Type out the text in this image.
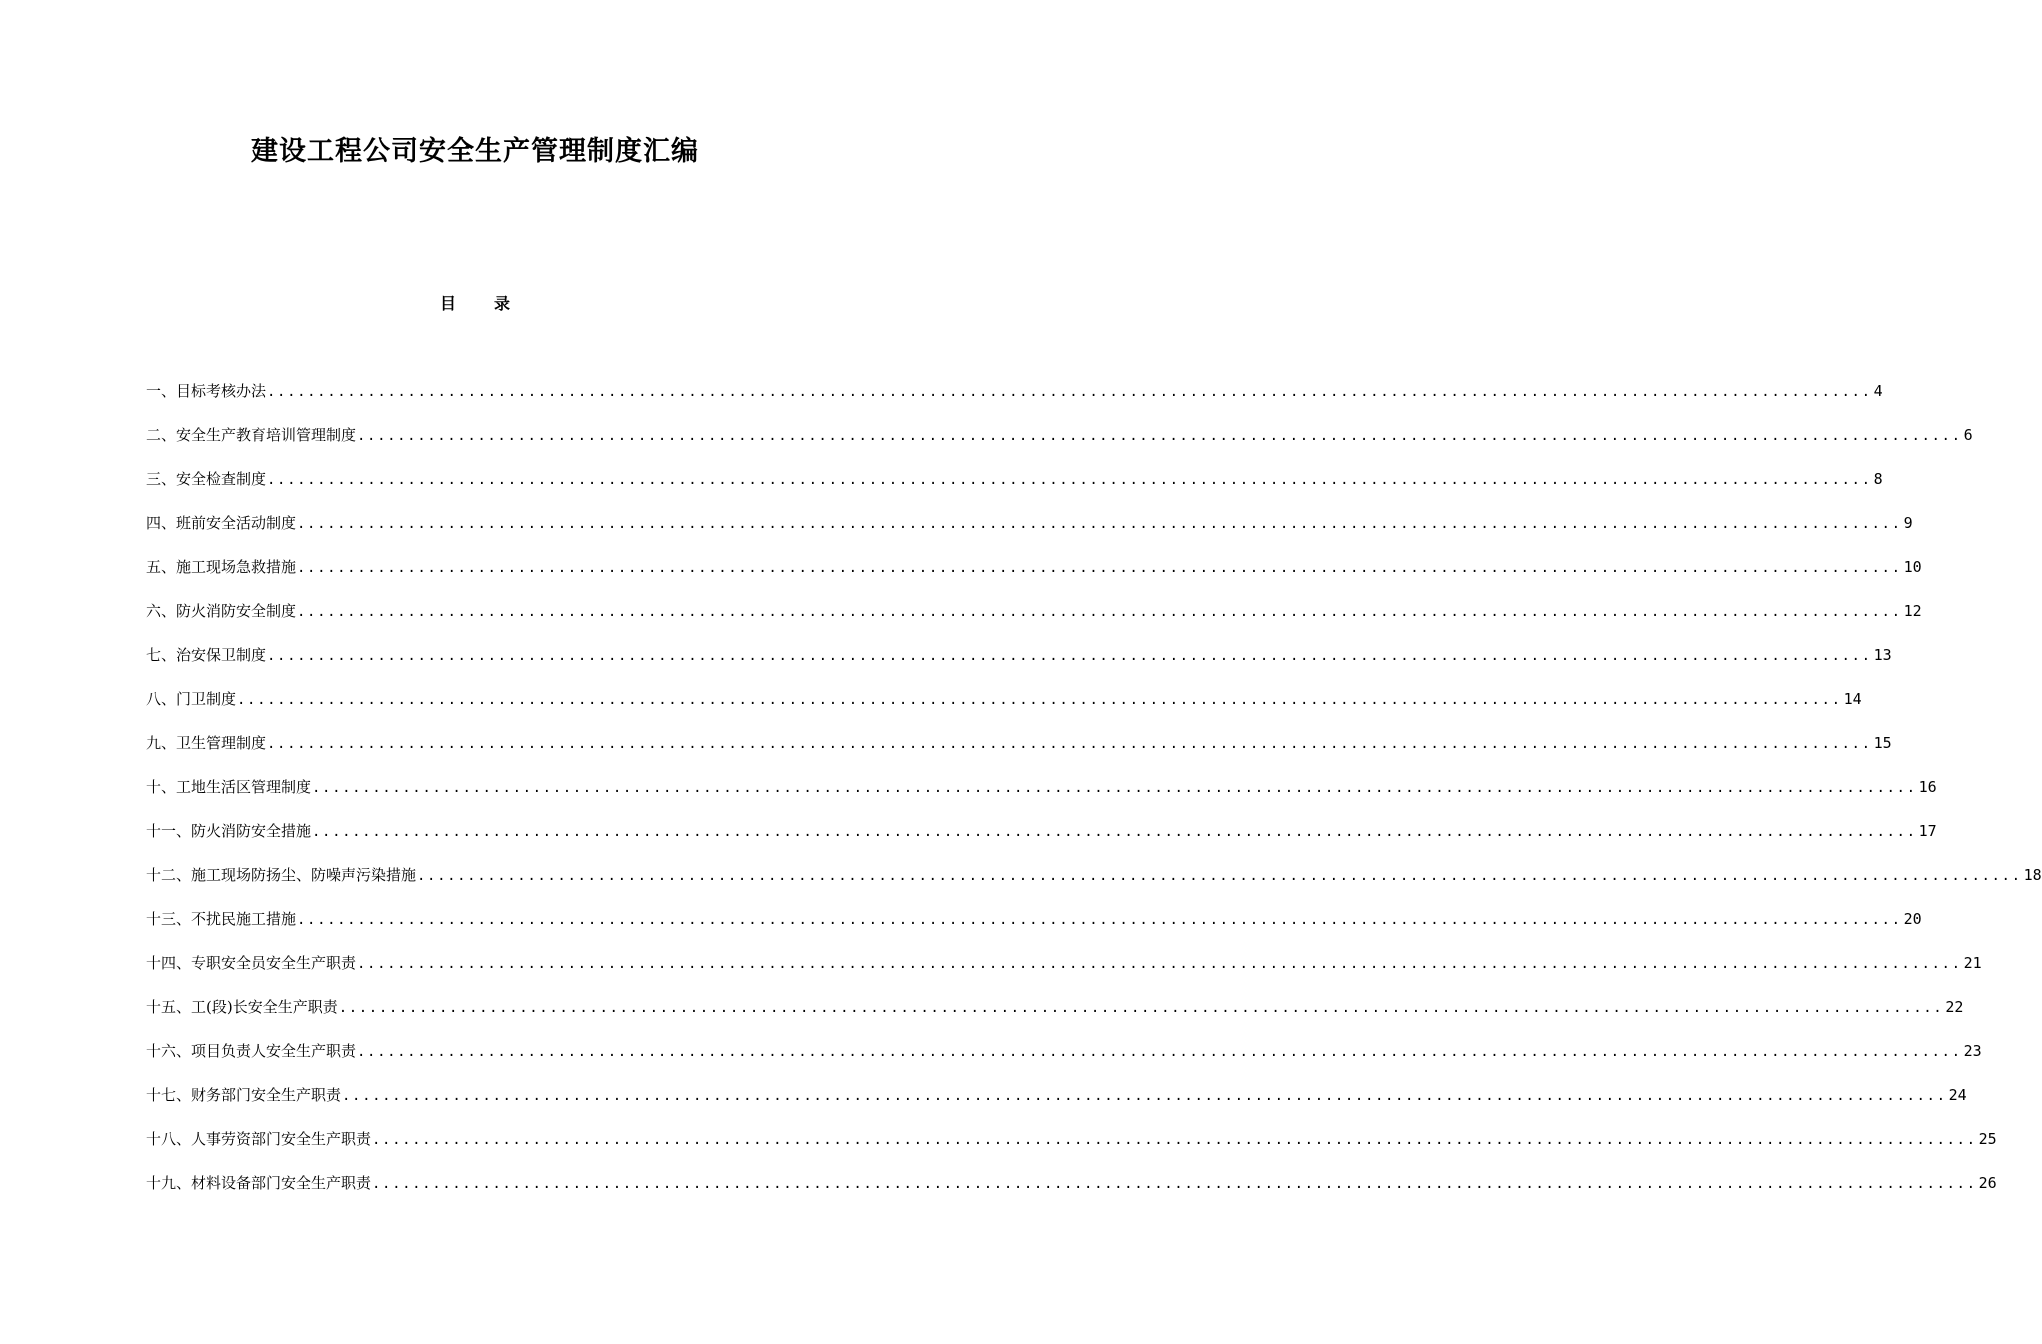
建设工程公司安全生产管理制度汇编
目 录
一、目标考核办法 ................................................................................................................................................................ 4
二、安全生产教育培训管理制度 ................................................................................................................................................................ 6
三、安全检查制度 ................................................................................................................................................................ 8
四、班前安全活动制度 ................................................................................................................................................................ 9
五、施工现场急救措施 ................................................................................................................................................................ 10
六、防火消防安全制度 ................................................................................................................................................................ 12
七、治安保卫制度 ................................................................................................................................................................ 13
八、门卫制度 ................................................................................................................................................................ 14
九、卫生管理制度 ................................................................................................................................................................ 15
十、工地生活区管理制度 ................................................................................................................................................................ 16
十一、防火消防安全措施 ................................................................................................................................................................ 17
十二、施工现场防扬尘、防噪声污染措施 ................................................................................................................................................................ 18
十三、不扰民施工措施 ................................................................................................................................................................ 20
十四、专职安全员安全生产职责 ................................................................................................................................................................ 21
十五、工(段)长安全生产职责 ................................................................................................................................................................ 22
十六、项目负责人安全生产职责 ................................................................................................................................................................ 23
十七、财务部门安全生产职责 ................................................................................................................................................................ 24
十八、人事劳资部门安全生产职责 ................................................................................................................................................................ 25
十九、材料设备部门安全生产职责 ................................................................................................................................................................ 26
